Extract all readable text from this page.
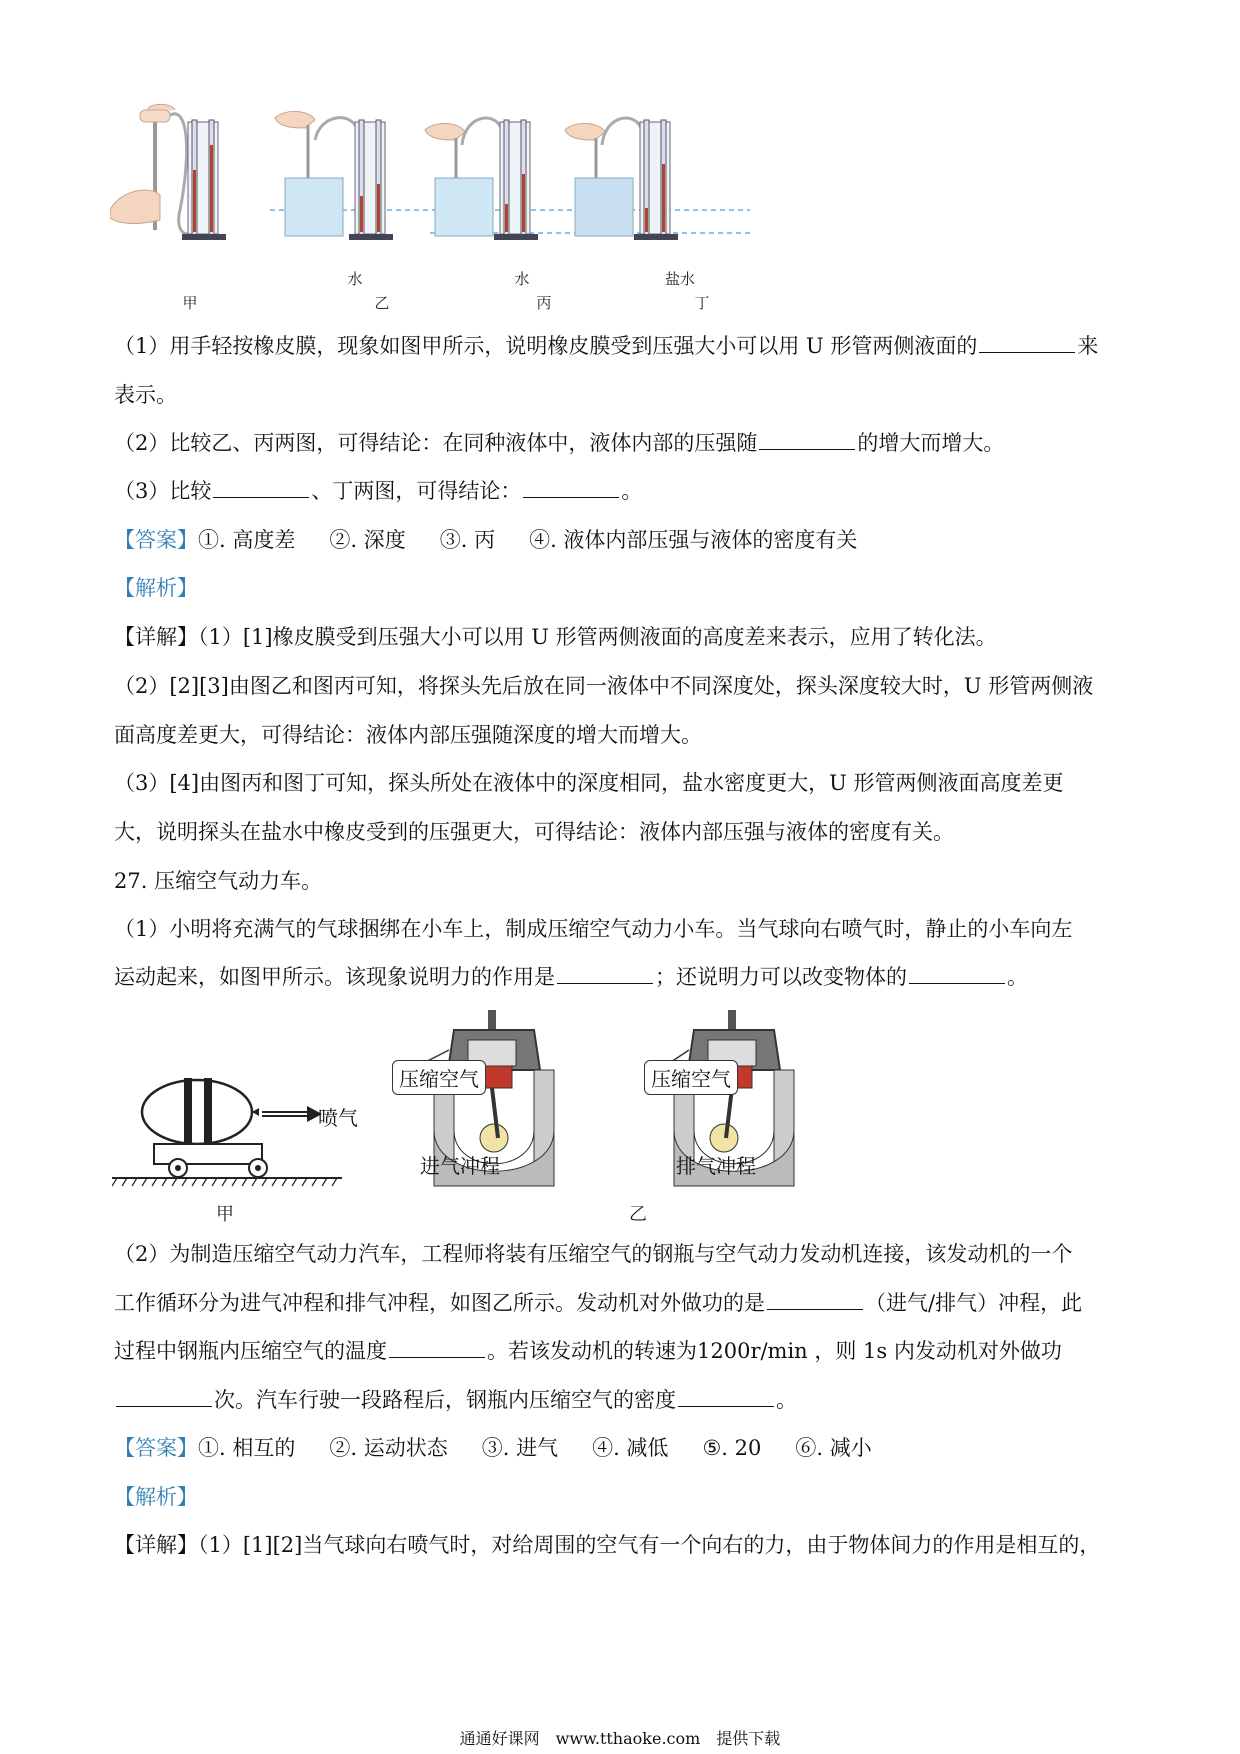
水	水	盐水
甲	乙	丙	丁
（1）用手轻按橡皮膜，现象如图甲所示，说明橡皮膜受到压强大小可以用 U 形管两侧液面的	来
表示。
（2）比较乙、丙两图，可得结论：在同种液体中，液体内部的压强随	的增大而增大。
（3）比较	、丁两图，可得结论：	。
【答案】①. 高度差 ②. 深度 ③. 丙 ④. 液体内部压强与液体的密度有关
【解析】
【详解】（1）[1]橡皮膜受到压强大小可以用 U 形管两侧液面的高度差来表示，应用了转化法。
（2）[2][3]由图乙和图丙可知，将探头先后放在同一液体中不同深度处，探头深度较大时，U 形管两侧液
面高度差更大，可得结论：液体内部压强随深度的增大而增大。
（3）[4]由图丙和图丁可知，探头所处在液体中的深度相同，盐水密度更大，U 形管两侧液面高度差更
大，说明探头在盐水中橡皮受到的压强更大，可得结论：液体内部压强与液体的密度有关。
27. 压缩空气动力车。
（1）小明将充满气的气球捆绑在小车上，制成压缩空气动力小车。当气球向右喷气时，静止的小车向左
运动起来，如图甲所示。该现象说明力的作用是	；还说明力可以改变物体的	。
喷气
压缩空气	压缩空气
进气冲程	排气冲程
甲	乙
（2）为制造压缩空气动力汽车，工程师将装有压缩空气的钢瓶与空气动力发动机连接，该发动机的一个
工作循环分为进气冲程和排气冲程，如图乙所示。发动机对外做功的是	（进气/排气）冲程，此
过程中钢瓶内压缩空气的温度	。若该发动机的转速为1200r/min ，则 1s 内发动机对外做功
次。汽车行驶一段路程后，钢瓶内压缩空气的密度	。
【答案】①. 相互的 ②. 运动状态 ③. 进气 ④. 减低 ⑤. 20 ⑥. 减小
【解析】
【详解】（1）[1][2]当气球向右喷气时，对给周围的空气有一个向右的力，由于物体间力的作用是相互的，
通通好课网　www.tthaoke.com　提供下载
